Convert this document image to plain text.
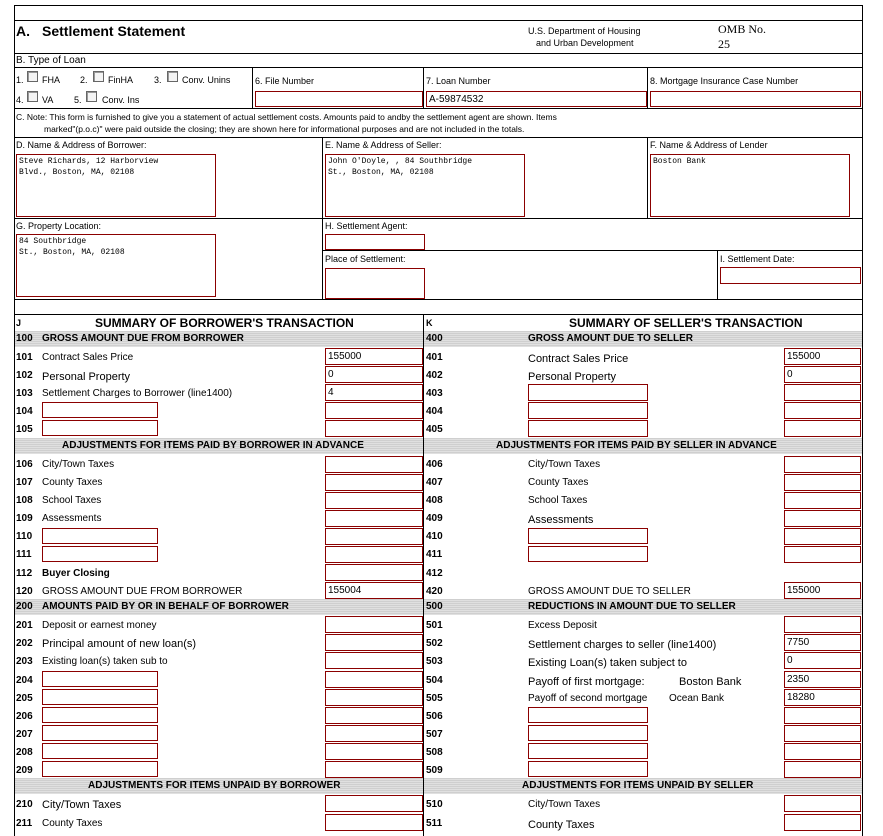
A. Settlement Statement	U.S. Department of Housing
and Urban Development
OMB No.
25
B. Type of Loan
1. FHA 2. FinHA 3. Conv. Unins
4. VA 5. Conv. Ins
6. File Number	7. Loan Number
A-59874532
8. Mortgage Insurance Case Number
C. Note: This form is furnished to give you a statement of actual settlement costs. Amounts paid to andby the settlement agent are shown. Items
marked"(p.o.c)" were paid outside the closing; they are shown here for informational purposes and are not included in the totals.
D. Name & Address of Borrower:
Steve Richards, 12 Harborview
Blvd., Boston, MA, 02108
E. Name & Address of Seller:
John O'Doyle, , 84 Southbridge
St., Boston, MA, 02108
F. Name & Address of Lender
Boston Bank
G. Property Location:
84 Southbridge
St., Boston, MA, 02108
H. Settlement Agent:
Place of Settlement:	I. Settlement Date:
J	SUMMARY OF BORROWER'S TRANSACTION	K	SUMMARY OF SELLER'S TRANSACTION
100 GROSS AMOUNT DUE FROM BORROWER	400	GROSS AMOUNT DUE TO SELLER
ADJUSTMENTS FOR ITEMS PAID BY BORROWER IN ADVANCE	ADJUSTMENTS FOR ITEMS PAID BY SELLER IN ADVANCE
200 AMOUNTS PAID BY OR IN BEHALF OF BORROWER	500	REDUCTIONS IN AMOUNT DUE TO SELLER
ADJUSTMENTS FOR ITEMS UNPAID BY BORROWER	ADJUSTMENTS FOR ITEMS UNPAID BY SELLER
101 Contract Sales Price	155000
102 Personal Property	0
103 Settlement Charges to Borrower (line1400)	4
104
105
106 City/Town Taxes
107 County Taxes
108 School Taxes
109 Assessments
110
111
112 Buyer Closing
120 GROSS AMOUNT DUE FROM BORROWER	155004
201 Deposit or earnest money
202 Principal amount of new loan(s)
203 Existing loan(s) taken sub to
204
205
206
207
208
209
210 City/Town Taxes
211 County Taxes
401	Contract Sales Price	155000
402	Personal Property	0
403
404
405
406	City/Town Taxes
407	County Taxes
408	School Taxes
409	Assessments
410
411
412
420	GROSS AMOUNT DUE TO SELLER	155000
501	Excess Deposit
502	Settlement charges to seller (line1400)	7750
503	Existing Loan(s) taken subject to	0
504	Payoff of first mortgage:	Boston Bank	2350
505	Payoff of second mortgage Ocean Bank	18280
506
507
508
509
510	City/Town Taxes
511	County Taxes
